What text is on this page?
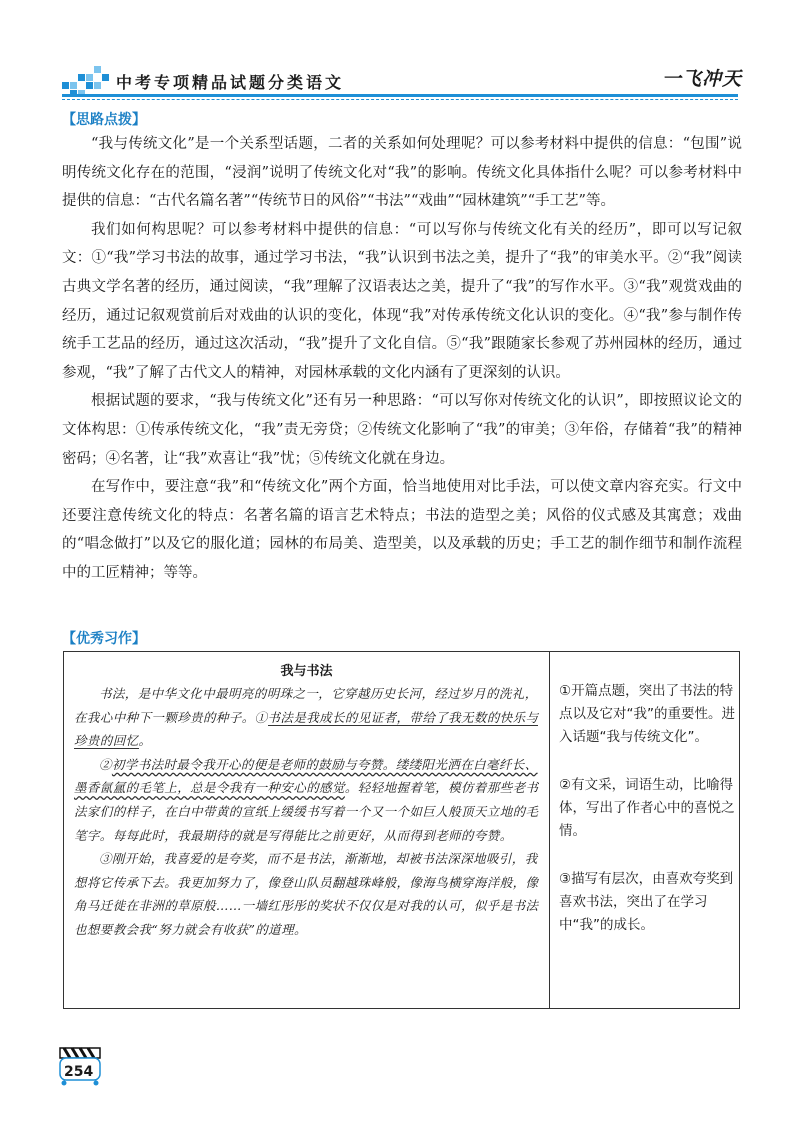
中考专项精品试题分类 语文	一飞冲天
【思路点拨】

“我与传统文化”是一个关系型话题，二者的关系如何处理呢？可以参考材料中提供的信息：“包围”说明传统文化存在的范围，“浸润”说明了传统文化对“我”的影响。传统文化具体指什么呢？可以参考材料中提供的信息：“古代名篇名著”“传统节日的风俗”“书法”“戏曲”“园林建筑”“手工艺”等。

我们如何构思呢？可以参考材料中提供的信息：“可以写你与传统文化有关的经历”，即可以写记叙文：①“我”学习书法的故事，通过学习书法，“我”认识到书法之美，提升了“我”的审美水平。②“我”阅读古典文学名著的经历，通过阅读，“我”理解了汉语表达之美，提升了“我”的写作水平。③“我”观赏戏曲的经历，通过记叙观赏前后对戏曲的认识的变化，体现“我”对传承传统文化认识的变化。④“我”参与制作传统手工艺品的经历，通过这次活动，“我”提升了文化自信。⑤“我”跟随家长参观了苏州园林的经历，通过参观，“我”了解了古代文人的精神，对园林承载的文化内涵有了更深刻的认识。

根据试题的要求，“我与传统文化”还有另一种思路：“可以写你对传统文化的认识”，即按照议论文的文体构思：①传承传统文化，“我”责无旁贷；②传统文化影响了“我”的审美；③年俗，存储着“我”的精神密码；④名著，让“我”欢喜让“我”忧；⑤传统文化就在身边。

在写作中，要注意“我”和“传统文化”两个方面，恰当地使用对比手法，可以使文章内容充实。行文中还要注意传统文化的特点：名著名篇的语言艺术特点；书法的造型之美；风俗的仪式感及其寓意；戏曲的“唱念做打”以及它的服化道；园林的布局美、造型美，以及承载的历史；手工艺的制作细节和制作流程中的工匠精神；等等。

【优秀习作】
我与书法

书法，是中华文化中最明亮的明珠之一，它穿越历史长河，经过岁月的洗礼，在我心中种下一颗珍贵的种子。①书法是我成长的见证者，带给了我无数的快乐与珍贵的回忆。

②初学书法时最令我开心的便是老师的鼓励与夸赞。缕缕阳光洒在白毫纤长、墨香氤氲的毛笔上，总是令我有一种安心的感觉。轻轻地握着笔，模仿着那些老书法家们的样子，在白中带黄的宣纸上缓缓书写着一个又一个如巨人般顶天立地的毛笔字。每每此时，我最期待的就是写得能比之前更好，从而得到老师的夸赞。

③刚开始，我喜爱的是夸奖，而不是书法，渐渐地，却被书法深深地吸引，我想将它传承下去。我更加努力了，像登山队员翻越珠峰般，像海鸟横穿海洋般，像角马迁徙在非洲的草原般……一墙红彤彤的奖状不仅仅是对我的认可，似乎是书法也想要教会我“努力就会有收获”的道理。

①开篇点题，突出了书法的特点以及它对“我”的重要性。进入话题“我与传统文化”。
②有文采，词语生动，比喻得体，写出了作者心中的喜悦之情。
③描写有层次，由喜欢夸奖到喜欢书法，突出了在学习中“我”的成长。
254
